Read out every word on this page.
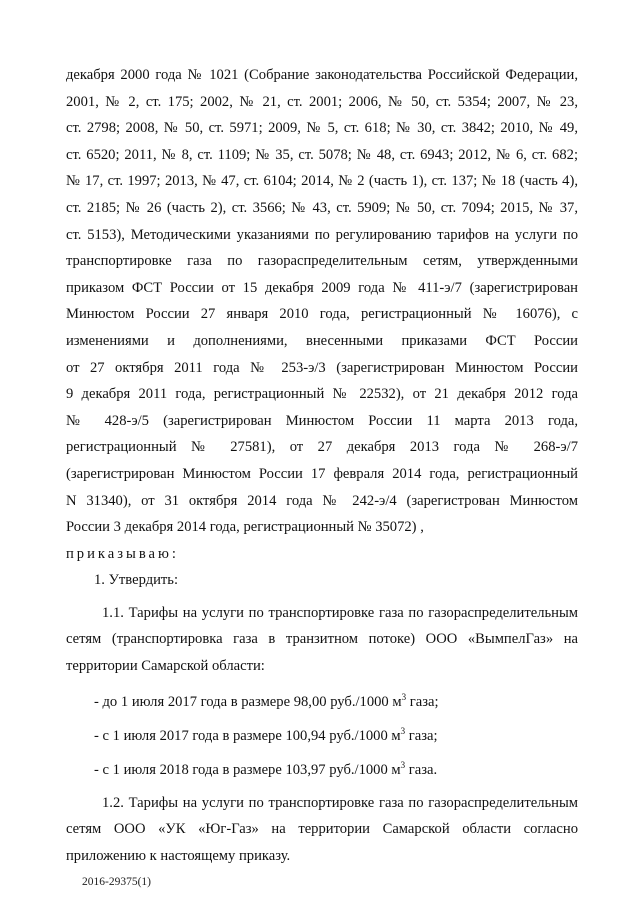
декабря 2000 года № 1021 (Собрание законодательства Российской Федерации,
2001, № 2, ст. 175; 2002, № 21, ст. 2001; 2006, № 50, ст. 5354; 2007, № 23,
ст. 2798; 2008, № 50, ст. 5971; 2009, № 5, ст. 618; № 30, ст. 3842; 2010, № 49,
ст. 6520; 2011, № 8, ст. 1109; № 35, ст. 5078; № 48, ст. 6943; 2012, № 6, ст. 682;
№ 17, ст. 1997; 2013, № 47, ст. 6104; 2014, № 2 (часть 1), ст. 137; № 18 (часть 4),
ст. 2185; № 26 (часть 2), ст. 3566; № 43, ст. 5909; № 50, ст. 7094; 2015, № 37,
ст. 5153), Методическими указаниями по регулированию тарифов на услуги по
транспортировке газа по газораспределительным сетям, утвержденными
приказом ФСТ России от 15 декабря 2009 года № 411-э/7 (зарегистрирован
Минюстом России 27 января 2010 года, регистрационный № 16076), с
изменениями и дополнениями, внесенными приказами ФСТ России
от 27 октября 2011 года № 253-э/3 (зарегистрирован Минюстом России
9 декабря 2011 года, регистрационный № 22532), от 21 декабря 2012 года
№ 428-э/5 (зарегистрирован Минюстом России 11 марта 2013 года,
регистрационный № 27581), от 27 декабря 2013 года № 268-э/7
(зарегистрирован Минюстом России 17 февраля 2014 года, регистрационный
N 31340), от 31 октября 2014 года № 242-э/4 (зарегистрован Минюстом
России 3 декабря 2014 года, регистрационный № 35072) ,
приказываю:
1. Утвердить:
1.1. Тарифы на услуги по транспортировке газа по газораспределительным
сетям (транспортировка газа в транзитном потоке) ООО «ВымпелГаз» на
территории Самарской области:
- до 1 июля 2017 года в размере 98,00 руб./1000 $м^3$ газа;
- с 1 июля 2017 года в размере 100,94 руб./1000 $м^3$ газа;
- с 1 июля 2018 года в размере 103,97 руб./1000 $м^3$ газа.
1.2. Тарифы на услуги по транспортировке газа по газораспределительным
сетям ООО «УК «Юг-Газ» на территории Самарской области согласно
приложению к настоящему приказу.
2016-29375(1)
